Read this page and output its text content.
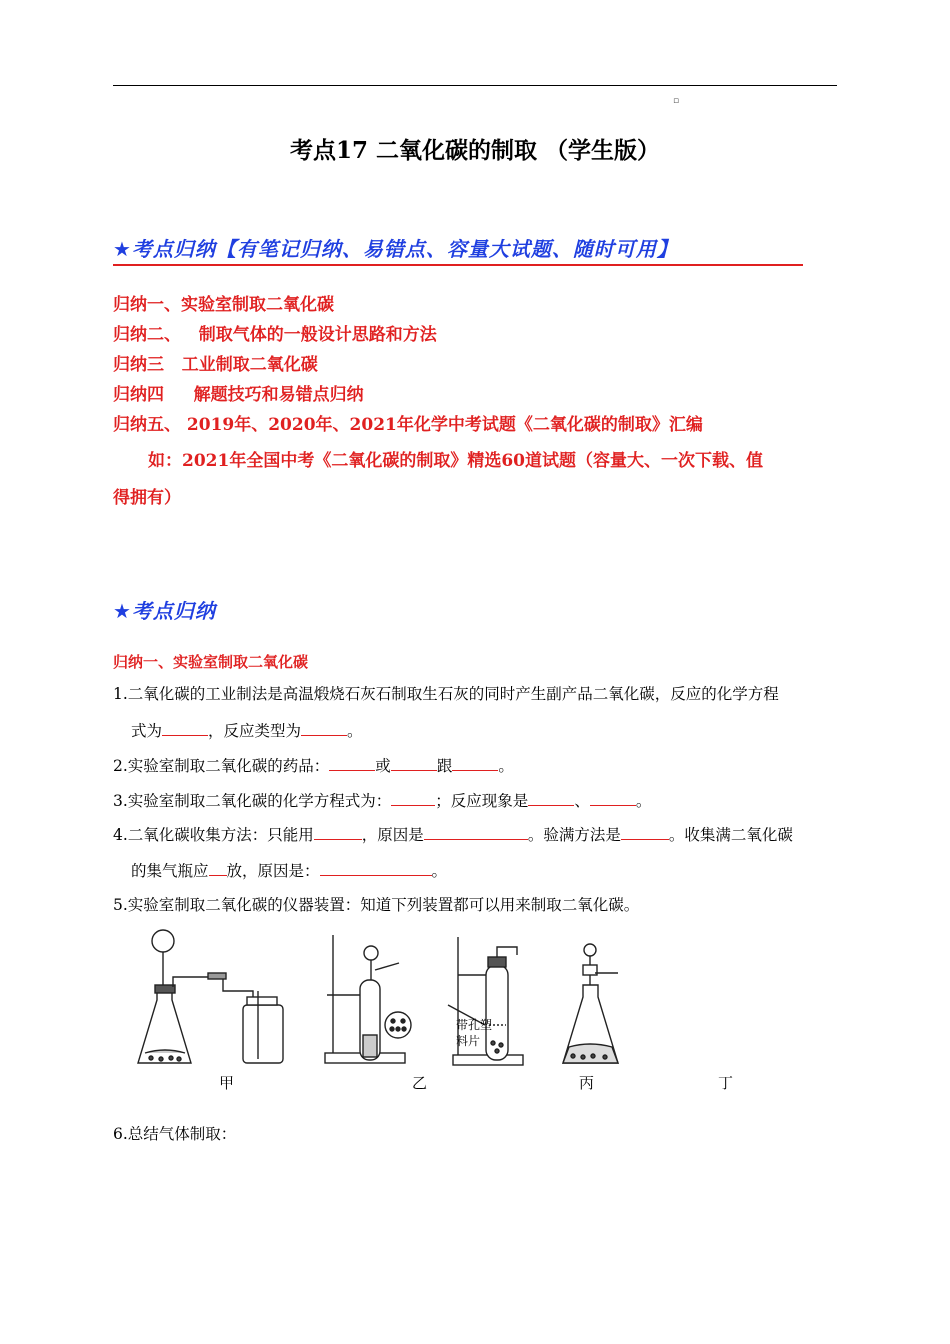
▫
考点17 二氧化碳的制取 （学生版）
★考点归纳【有笔记归纳、易错点、容量大试题、随时可用】
归纳一、实验室制取二氧化碳
归纳二、   制取气体的一般设计思路和方法
归纳三   工业制取二氧化碳
归纳四     解题技巧和易错点归纳
归纳五、 2019年、2020年、2021年化学中考试题《二氧化碳的制取》汇编
如：2021年全国中考《二氧化碳的制取》精选60道试题（容量大、一次下载、值
得拥有）
★考点归纳
归纳一、实验室制取二氧化碳
1.二氧化碳的工业制法是高温煅烧石灰石制取生石灰的同时产生副产品二氧化碳，反应的化学方程
式为	，反应类型为	。
2.实验室制取二氧化碳的药品：	或	跟	。
3.实验室制取二氧化碳的化学方程式为：	；反应现象是	、	。
4.二氧化碳收集方法：只能用	，原因是	。验满方法是	。收集满二氧化碳
的集气瓶应 放，原因是：	。
5.实验室制取二氧化碳的仪器装置：知道下列装置都可以用来制取二氧化碳。
带孔塑
料片
甲	乙	丙	丁
6.总结气体制取：
